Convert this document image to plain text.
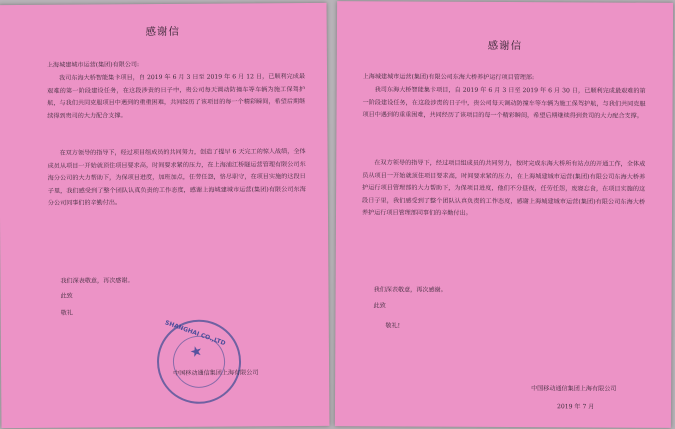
感谢信
上海城建城市运营(集团)有限公司:

我司东海大桥智能集卡项目，自 2019 年 6 月 3 日至 2019 年 6 月 12 日，已顺利完成最艰难的第一阶段建设任务，在这段涉责的日子中，贵公司每天调动防撞车等车辆为施工保驾护航，与我们共同克服项目中遇到的重重困难，共同经历了该项目的每一个精彩瞬间，希望后期继续得到贵司的大力配合支撑。

在双方领导的指导下，经过项目组成员的共同努力，创造了提早 6 天完工的惊人战绩，全体成员从项目一开始就顶住项目要求高，时间要求紧的压力，在上海浦江桥隧运营管理有限公司东海分公司的大力帮助下，为保项目进度，加班加点，任劳任怨，恪尽职守，在项目实施的这段日子里，我们感受到了整个团队认真负责的工作态度，感谢上海城建城市运营(集团)有限公司东海分公司同事们的辛勤付出。

我们深表敬意，再次感谢。
此致
敬礼
★
SHANGHAI CO.,LTD
中国移动通信集团上海有限公司
感谢信
上海城建城市运营(集团)有限公司东海大桥养护运行项目管理部:

我司东海大桥智能集卡项目，自 2019 年 6 月 3 日至 2019 年 6 月 30 日，已顺利完成最艰难的第一阶段建设任务，在这段涉责的日子中，贵公司每天调动防撞车等车辆为施工保驾护航，与我们共同克服项目中遇到的重重困难，共同经历了该项目的每一个精彩瞬间，希望后期继续得到贵司的大力配合支撑。

在双方领导的指导下，经过项目组成员的共同努力，按时完成东海大桥所有站点的开通工作，全体成员从项目一开始就顶住项目要求高，时间要求紧的压力，在上海城建城市运营(集团)有限公司东海大桥养护运行项目管理部的大力帮助下，为保项目进度，他们不分昼夜，任劳任怨，废寝忘食，在项目实施的这段日子里，我们感受到了整个团队认真负责的工作态度，感谢上海城建城市运营(集团)有限公司东海大桥养护运行项目管理部同事们的辛勤付出。

我们深表敬意，再次感谢。
此致
敬礼!
中国移动通信集团上海有限公司
2019 年 7 月
